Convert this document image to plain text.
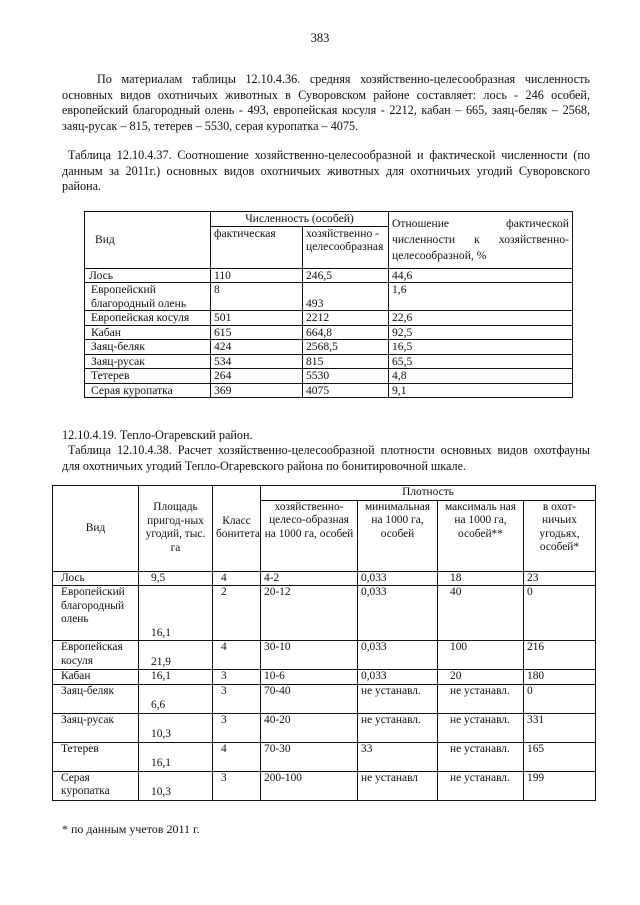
383

По материалам таблицы 12.10.4.36. средняя хозяйственно-целесообразная численность основных видов охотничьих животных в Суворовском районе составляет: лось - 246 особей, европейский благородный олень - 493, европейская косуля - 2212, кабан – 665, заяц-беляк – 2568, заяц-русак – 815, тетерев – 5530, серая куропатка – 4075.

Таблица 12.10.4.37. Соотношение хозяйственно-целесообразной и фактической численности (по данным за 2011г.) основных видов охотничьих животных для охотничьих угодий Суворовского района.

Вид	Численность (особей)		Отношение фактической численности к хозяйственно-целесообразной, %
	фактическая	хозяйственно - целесообразная	
Лось	110	246,5	44,6
Европейский благородный олень	8	493	1,6
Европейская косуля	501	2212	22,6
Кабан	615	664,8	92,5
Заяц-беляк	424	2568,5	16,5
Заяц-русак	534	815	65,5
Тетерев	264	5530	4,8
Серая куропатка	369	4075	9,1

12.10.4.19. Тепло-Огаревский район.

Таблица 12.10.4.38. Расчет хозяйственно-целесообразной плотности основных видов охотфауны для охотничьих угодий Тепло-Огаревского района по бонитировочной шкале.

Вид	Площадь пригод-ных угодий, тыс. га	Класс бонитета	Плотность			
			хозяйственно-целесо-образная на 1000 га, особей	минимальная на 1000 га, особей	максималь ная на 1000 га, особей**	в охот-ничьих угодьях, особей*
Лось	9,5	4	4-2	0,033	18	23
Европейский благородный олень	16,1	2	20-12	0,033	40	0
Европейская косуля	21,9	4	30-10	0,033	100	216
Кабан	16,1	3	10-6	0,033	20	180
Заяц-беляк	6,6	3	70-40	не устанавл.	не устанавл.	0
Заяц-русак	10,3	3	40-20	не устанавл.	не устанавл.	331
Тетерев	16,1	4	70-30	33	не устанавл.	165
Серая куропатка	10,3	3	200-100	не устанавл	не устанавл.	199

* по данным учетов 2011 г.
